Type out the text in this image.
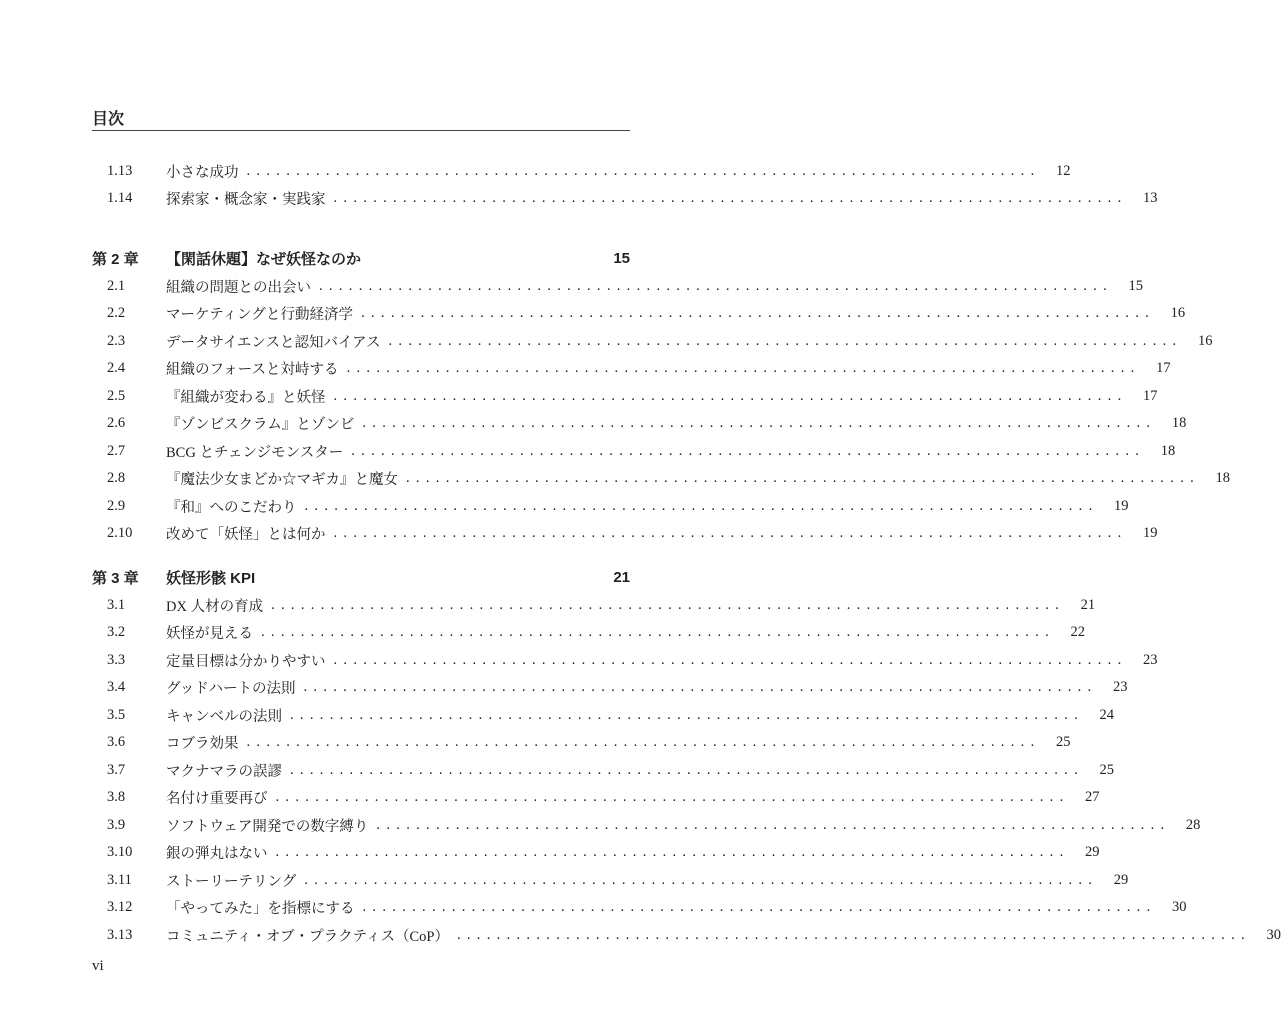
目次
1.13	小さな成功 ................................................................................	12
1.14	探索家・概念家・実践家 ................................................................................	13
第 2 章	【閑話休題】なぜ妖怪なのか	15
2.1	組織の問題との出会い ................................................................................	15
2.2	マーケティングと行動経済学 ................................................................................	16
2.3	データサイエンスと認知バイアス ................................................................................	16
2.4	組織のフォースと対峙する ................................................................................	17
2.5	『組織が変わる』と妖怪 ................................................................................	17
2.6	『ゾンビスクラム』とゾンビ ................................................................................	18
2.7	BCG とチェンジモンスター ................................................................................	18
2.8	『魔法少女まどか☆マギカ』と魔女 ................................................................................	18
2.9	『和』へのこだわり ................................................................................	19
2.10	改めて「妖怪」とは何か ................................................................................	19
第 3 章	妖怪形骸 KPI	21
3.1	DX 人材の育成 ................................................................................	21
3.2	妖怪が見える ................................................................................	22
3.3	定量目標は分かりやすい ................................................................................	23
3.4	グッドハートの法則 ................................................................................	23
3.5	キャンベルの法則 ................................................................................	24
3.6	コブラ効果 ................................................................................	25
3.7	マクナマラの誤謬 ................................................................................	25
3.8	名付け重要再び ................................................................................	27
3.9	ソフトウェア開発での数字縛り ................................................................................	28
3.10	銀の弾丸はない ................................................................................	29
3.11	ストーリーテリング ................................................................................	29
3.12	「やってみた」を指標にする ................................................................................	30
3.13	コミュニティ・オブ・プラクティス（CoP） ................................................................................	30
vi
